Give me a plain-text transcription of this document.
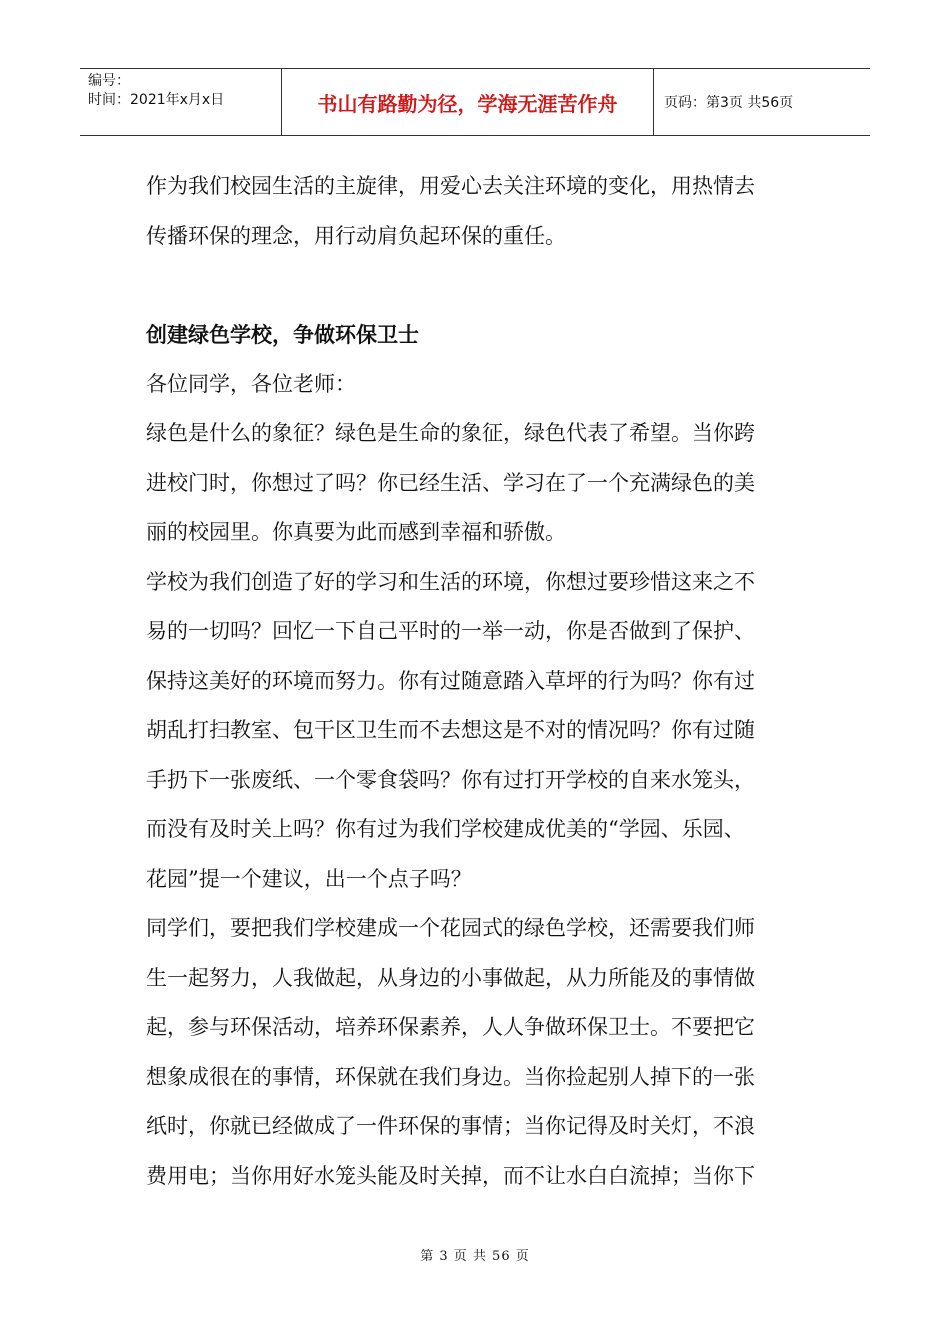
编号：
时间：2021年x月x日	书山有路勤为径，学海无涯苦作舟	页码：第3页 共56页

作为我们校园生活的主旋律，用爱心去关注环境的变化，用热情去

传播环保的理念，用行动肩负起环保的重任。

创建绿色学校，争做环保卫士

各位同学，各位老师：

绿色是什么的象征？绿色是生命的象征，绿色代表了希望。当你跨

进校门时，你想过了吗？你已经生活、学习在了一个充满绿色的美

丽的校园里。你真要为此而感到幸福和骄傲。

学校为我们创造了好的学习和生活的环境，你想过要珍惜这来之不

易的一切吗？回忆一下自己平时的一举一动，你是否做到了保护、

保持这美好的环境而努力。你有过随意踏入草坪的行为吗？你有过

胡乱打扫教室、包干区卫生而不去想这是不对的情况吗？你有过随

手扔下一张废纸、一个零食袋吗？你有过打开学校的自来水笼头，

而没有及时关上吗？你有过为我们学校建成优美的“学园、乐园、

花园”提一个建议，出一个点子吗？

同学们，要把我们学校建成一个花园式的绿色学校，还需要我们师

生一起努力，人我做起，从身边的小事做起，从力所能及的事情做

起，参与环保活动，培养环保素养，人人争做环保卫士。不要把它

想象成很在的事情，环保就在我们身边。当你捡起别人掉下的一张

纸时，你就已经做成了一件环保的事情；当你记得及时关灯，不浪

费用电；当你用好水笼头能及时关掉，而不让水白白流掉；当你下

第 3 页 共 56 页
